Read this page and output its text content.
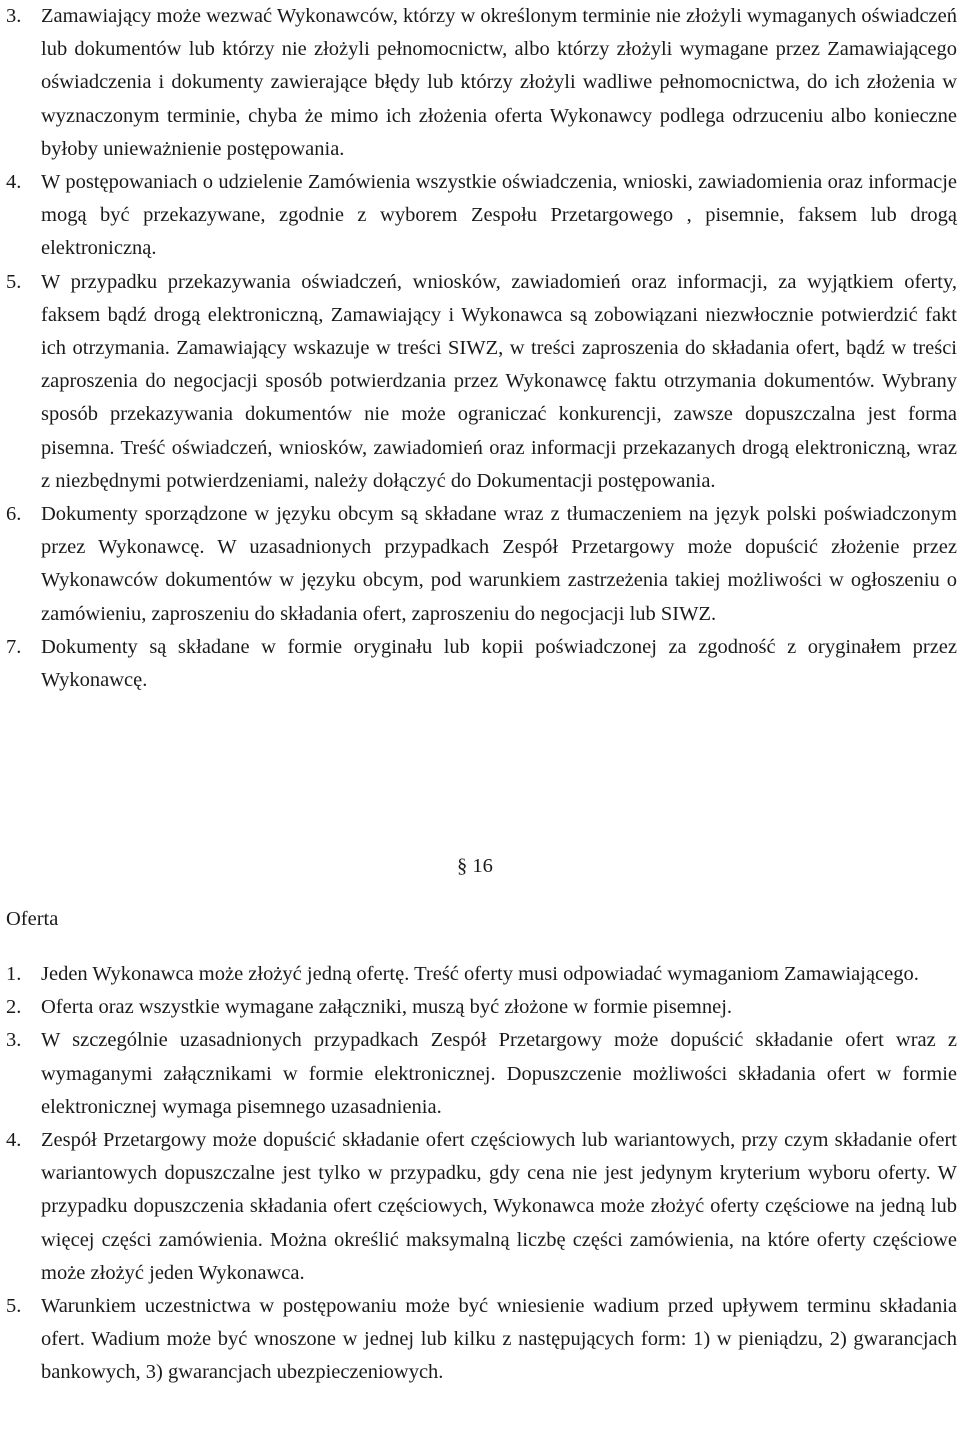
3. Zamawiający może wezwać Wykonawców, którzy w określonym terminie nie złożyli wymaganych oświadczeń lub dokumentów lub którzy nie złożyli pełnomocnictw, albo którzy złożyli wymagane przez Zamawiającego oświadczenia i dokumenty zawierające błędy lub którzy złożyli wadliwe pełnomocnictwa, do ich złożenia w wyznaczonym terminie, chyba że mimo ich złożenia oferta Wykonawcy podlega odrzuceniu albo konieczne byłoby unieważnienie postępowania.
4. W postępowaniach o udzielenie Zamówienia wszystkie oświadczenia, wnioski, zawiadomienia oraz informacje mogą być przekazywane, zgodnie z wyborem Zespołu Przetargowego , pisemnie, faksem lub drogą elektroniczną.
5. W przypadku przekazywania oświadczeń, wniosków, zawiadomień oraz informacji, za wyjątkiem oferty, faksem bądź drogą elektroniczną, Zamawiający i Wykonawca są zobowiązani niezwłocznie potwierdzić fakt ich otrzymania. Zamawiający wskazuje w treści SIWZ, w treści zaproszenia do składania ofert, bądź w treści zaproszenia do negocjacji sposób potwierdzania przez Wykonawcę faktu otrzymania dokumentów. Wybrany sposób przekazywania dokumentów nie może ograniczać konkurencji, zawsze dopuszczalna jest forma pisemna. Treść oświadczeń, wniosków, zawiadomień oraz informacji przekazanych drogą elektroniczną, wraz z niezbędnymi potwierdzeniami, należy dołączyć do Dokumentacji postępowania.
6. Dokumenty sporządzone w języku obcym są składane wraz z tłumaczeniem na język polski poświadczonym przez Wykonawcę. W uzasadnionych przypadkach Zespół Przetargowy może dopuścić złożenie przez Wykonawców dokumentów w języku obcym, pod warunkiem zastrzeżenia takiej możliwości w ogłoszeniu o zamówieniu, zaproszeniu do składania ofert, zaproszeniu do negocjacji lub SIWZ.
7. Dokumenty są składane w formie oryginału lub kopii poświadczonej za zgodność z oryginałem przez Wykonawcę.
§ 16
Oferta
1. Jeden Wykonawca może złożyć jedną ofertę. Treść oferty musi odpowiadać wymaganiom Zamawiającego.
2. Oferta oraz wszystkie wymagane załączniki, muszą być złożone w formie pisemnej.
3. W szczególnie uzasadnionych przypadkach Zespół Przetargowy może dopuścić składanie ofert wraz z wymaganymi załącznikami w formie elektronicznej. Dopuszczenie możliwości składania ofert w formie elektronicznej wymaga pisemnego uzasadnienia.
4. Zespół Przetargowy może dopuścić składanie ofert częściowych lub wariantowych, przy czym składanie ofert wariantowych dopuszczalne jest tylko w przypadku, gdy cena nie jest jedynym kryterium wyboru oferty. W przypadku dopuszczenia składania ofert częściowych, Wykonawca może złożyć oferty częściowe na jedną lub więcej części zamówienia. Można określić maksymalną liczbę części zamówienia, na które oferty częściowe może złożyć jeden Wykonawca.
5. Warunkiem uczestnictwa w postępowaniu może być wniesienie wadium przed upływem terminu składania ofert. Wadium może być wnoszone w jednej lub kilku z następujących form: 1) w pieniądzu, 2) gwarancjach bankowych, 3) gwarancjach ubezpieczeniowych.
